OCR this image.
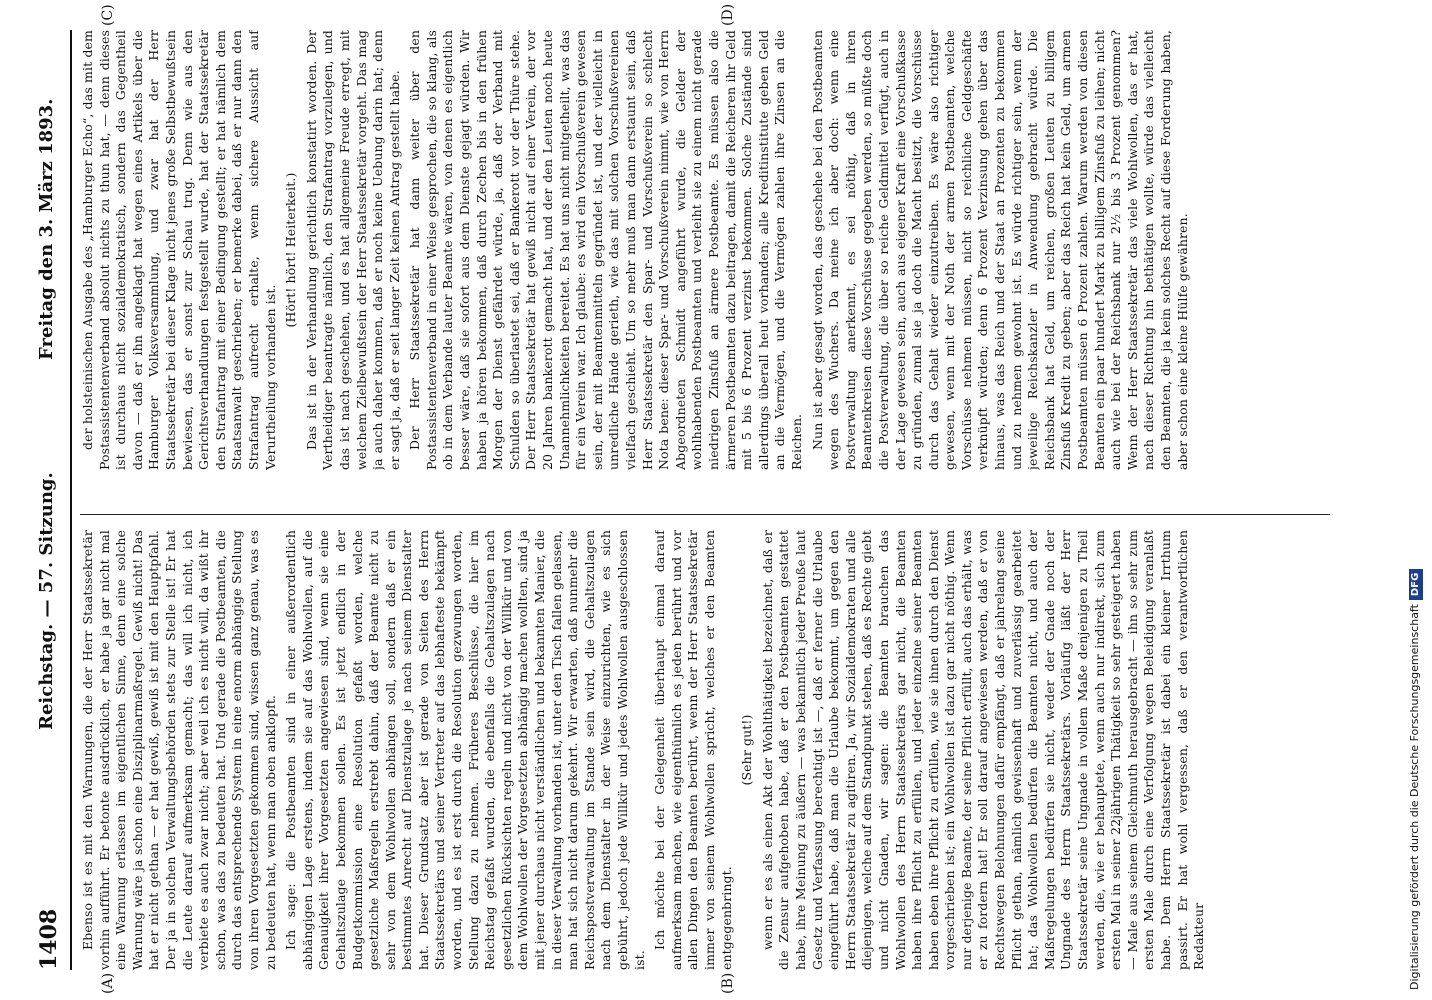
1408
Reichstag. — 57. Sitzung.
Freitag den 3. März 1893.
(A)	(B)
(C)	(D)

Ebenso ist es mit den Warnungen, die der Herr Staatssekretär vorhin aufführt. Er betonte ausdrücklich, er habe ja gar nicht mal eine Warnung erlassen im eigentlichen Sinne, denn eine solche Warnung wäre ja schon eine Disziplinarmaßregel. Gewiß nicht! Das hat er nicht gethan — er hat gewiß, gewiß ist mit den Hauptpfahl. Der ja in solchen Verwaltungsbehörden stets zur Stelle ist! Er hat die Leute darauf aufmerksam gemacht; das will ich nicht, ich verbiete es auch zwar nicht; aber weil ich es nicht will, da wißt ihr schon, was das zu bedeuten hat. Und gerade die Postbeamten, die durch das entsprechende System in eine enorm abhängige Stellung von ihren Vorgesetzten gekommen sind, wissen ganz genau, was es zu bedeuten hat, wenn man oben anklopft. Ich sage: die Postbeamten sind in einer außerordentlich abhängigen Lage erstens, indem sie auf das Wohlwollen, auf die Genauigkeit ihrer Vorgesetzten angewiesen sind, wenn sie eine Gehaltszulage bekommen sollen. Es ist jetzt endlich in der Budgetkommission eine Resolution gefaßt worden, welche gesetzliche Maßregeln erstrebt dahin, daß der Beamte nicht zu sehr von dem Wohlwollen abhängen soll, sondern daß er ein bestimmtes Anrecht auf Dienstzulage je nach seinem Dienstalter hat. Dieser Grundsatz aber ist gerade von Seiten des Herrn Staatssekretärs und seiner Vertreter auf das lebhafteste bekämpft worden, und es ist erst durch die Resolution gezwungen worden, Stellung dazu zu nehmen. Früheres Beschlüsse, die hier im Reichstag gefaßt wurden, die ebenfalls die Gehaltszulagen nach gesetzlichen Rücksichten regeln und nicht von der Willkür und von dem Wohlwollen der Vorgesetzten abhängig machen wollten, sind ja mit jener durchaus nicht verständlichen und bekannten Manier, die in dieser Verwaltung vorhanden ist, unter den Tisch fallen gelassen, man hat sich nicht darum gekehrt. Wir erwarten, daß nunmehr die Reichspostverwaltung im Stande sein wird, die Gehaltszulagen nach dem Dienstalter in der Weise einzurichten, wie es sich gebührt, jedoch jede Willkür und jedes Wohlwollen ausgeschlossen ist.

Ich möchte bei der Gelegenheit überhaupt einmal darauf aufmerksam machen, wie eigenthümlich es jeden berührt und vor allen Dingen den Beamten berührt, wenn der Herr Staatssekretär immer von seinem Wohlwollen spricht, welches er den Beamten entgegenbringt.

(Sehr gut!) wenn er es als einen Akt der Wohlthätigkeit bezeichnet, daß er die Zensur aufgehoben habe, daß er den Postbeamten gestattet habe, ihre Meinung zu äußern — was bekanntlich jeder Preuße laut Gesetz und Verfassung berechtigt ist —, daß er ferner die Urlaube eingeführt habe, daß man die Urlaube bekommt, um gegen den Herrn Staatssekretär zu agitiren. Ja, wir Sozialdemokraten und alle diejenigen, welche auf dem Standpunkt stehen, daß es Rechte giebt und nicht Gnaden, wir sagen: die Beamten brauchen das Wohlwollen des Herrn Staatssekretärs gar nicht, die Beamten haben ihre Pflicht zu erfüllen, und jeder einzelne seiner Beamten haben eben ihre Pflicht zu erfüllen, wie sie ihnen durch den Dienst vorgeschrieben ist; ein Wohlwollen ist dazu gar nicht nöthig. Wenn nur derjenige Beamte, der seine Pflicht erfüllt, auch das erhält, was er zu fordern hat! Er soll darauf angewiesen werden, daß er von Rechtswegen Belohnungen dafür empfängt, daß er jahrelang seine Pflicht gethan, nämlich gewissenhaft und zuverlässig gearbeitet hat; das Wohlwollen bedürfen die Beamten nicht, und auch der Maßregelungen bedürfen sie nicht, weder der Gnade noch der Ungnade des Herrn Staatssekretärs. Vorläufig läßt der Herr Staatssekretär seine Ungnade in vollem Maße denjenigen zu Theil werden, die, wie er behauptete, wenn auch nur indirekt, sich zum ersten Mal in seiner 22jährigen Thätigkeit so sehr gesteigert haben — Male aus seinem Gleichmuth herausgebracht — ihn so sehr zum ersten Male durch eine Verfolgung wegen Beleidigung veranlaßt habe. Dem Herrn Staatssekretär ist dabei ein kleiner Irrthum passirt. Er hat wohl vergessen, daß er den verantwortlichen Redakteur

der holsteinischen Ausgabe des „Hamburger Echo“, das mit dem Postassistentenverband absolut nichts zu thun hat, — denn dieses ist durchaus nicht sozialdemokratisch, sondern das Gegentheil davon — daß er ihn angeklagt hat wegen eines Artikels über die Hamburger Volksversammlung, und zwar hat der Herr Staatssekretär bei dieser Klage nicht jenes große Selbstbewußtsein bewiesen, das er sonst zur Schau trug. Denn wie aus den Gerichtsverhandlungen festgestellt wurde, hat der Staatssekretär den Strafantrag mit einer Bedingung gestellt; er hat nämlich dem Staatsanwalt geschrieben; er bemerke dabei, daß er nur dann den Strafantrag aufrecht erhalte, wenn sichere Aussicht auf Verurtheilung vorhanden ist.

(Hört! hört! Heiterkeit.) Das ist in der Verhandlung gerichtlich konstatirt worden. Der Vertheidiger beantragte nämlich, den Strafantrag vorzulegen, und das ist nach geschehen, und es hat allgemeine Freude erregt, mit welchem Zielbewußtsein der Herr Staatssekretär vorgeht. Das mag ja auch daher kommen, daß er noch keine Uebung darin hat; denn er sagt ja, daß er seit langer Zeit keinen Antrag gestellt habe. Der Herr Staatssekretär hat dann weiter über den Postassistentenverband in einer Weise gesprochen, die so klang, als ob in dem Verbande lauter Beamte wären, von denen es eigentlich besser wäre, daß sie sofort aus dem Dienste gejagt würden. Wir haben ja hören bekommen, daß durch Zechen bis in den frühen Morgen der Dienst gefährdet würde, ja, daß der Verband mit Schulden so überlastet sei, daß er Bankerott vor der Thüre stehe. Der Herr Staatssekretär hat gewiß nicht auf einer Verein, der vor 20 Jahren bankerott gemacht hat, und der den Leuten noch heute Unannehmlichkeiten bereitet. Es hat uns nicht mitgetheilt, was das für ein Verein war. Ich glaube: es wird ein Vorschußverein gewesen sein, der mit Beamtenmitteln gegründet ist, und der vielleicht in unredliche Hände gerieth, wie das mit solchen Vorschußvereinen vielfach geschieht. Um so mehr muß man dann erstaunt sein, daß Herr Staatssekretär den Spar- und Vorschußverein so schlecht Nota bene: dieser Spar- und Vorschußverein nimmt, wie von Herrn Abgeordneten Schmidt angeführt wurde, die Gelder der wohlhabenden Postbeamten und verleiht sie zu einem nicht gerade niedrigen Zinsfuß an ärmere Postbeamte. Es müssen also die ärmeren Postbeamten dazu beitragen, damit die Reicheren ihr Geld mit 5 bis 6 Prozent verzinst bekommen. Solche Zustände sind allerdings überall heut vorhanden; alle Kreditinstitute geben Geld an die Vermögen, und die Vermögen zahlen ihre Zinsen an die Reichen. Nun ist aber gesagt worden, das geschehe bei den Postbeamten wegen des Wuchers. Da meine ich aber doch: wenn eine Postverwaltung anerkennt, es sei nöthig, daß in ihren Beamtenkreisen diese Vorschüsse gegeben werden, so müßte doch die Postverwaltung, die über so reiche Geldmittel verfügt, auch in der Lage gewesen sein, auch aus eigener Kraft eine Vorschußkasse zu gründen, zumal sie ja doch die Macht besitzt, die Vorschüsse durch das Gehalt wieder einzutreiben. Es wäre also richtiger gewesen, wenn mit der Noth der armen Postbeamten, welche Vorschüsse nehmen müssen, nicht so reichliche Geldgeschäfte verknüpft würden; denn 6 Prozent Verzinsung gehen über das hinaus, was das Reich und der Staat an Prozenten zu bekommen und zu nehmen gewohnt ist. Es würde richtiger sein, wenn der jeweilige Reichskanzler in Anwendung gebracht würde. Die Reichsbank hat Geld, um reichen, großen Leuten zu billigem Zinsfuß Kredit zu geben; aber das Reich hat kein Geld, um armen Postbeamten müssen 6 Prozent zahlen. Warum werden von diesen Beamten ein paar hundert Mark zu billigem Zinsfuß zu leihen; nicht auch wie bei der Reichsbank nur 2½ bis 3 Prozent genommen? Wenn der Herr Staatssekretär das viele Wohlwollen, das er hat, nach dieser Richtung hin bethätigen wollte, würde das vielleicht den Beamten, die ja kein solches Recht auf diese Forderung haben, aber schon eine kleine Hülfe gewähren.

Digitalisierung gefördert durch die Deutsche ForschungsgemeinschaftDFG
